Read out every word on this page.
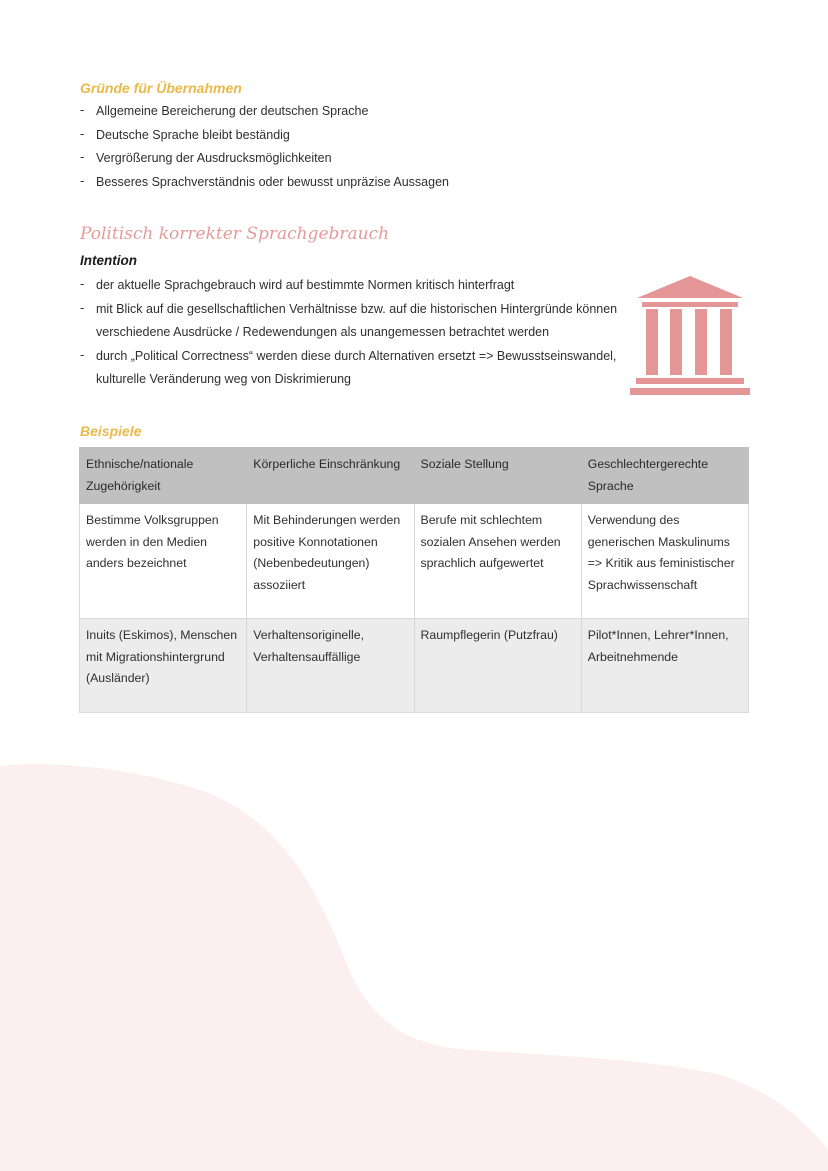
Gründe für Übernahmen
- Allgemeine Bereicherung der deutschen Sprache
- Deutsche Sprache bleibt beständig
- Vergrößerung der Ausdrucksmöglichkeiten
- Besseres Sprachverständnis oder bewusst unpräzise Aussagen
Politisch korrekter Sprachgebrauch
Intention
- der aktuelle Sprachgebrauch wird auf bestimmte Normen kritisch hinterfragt
- mit Blick auf die gesellschaftlichen Verhältnisse bzw. auf die historischen Hintergründe können verschiedene Ausdrücke / Redewendungen als unangemessen betrachtet werden
- durch „Political Correctness“ werden diese durch Alternativen ersetzt => Bewusstseinswandel, kulturelle Veränderung weg von Diskrimierung
Beispiele
Ethnische/nationale Zugehörigkeit	Körperliche Einschränkung	Soziale Stellung	Geschlechtergerechte Sprache
Bestimme Volksgruppen werden in den Medien anders bezeichnet	Mit Behinderungen werden positive Konnotationen (Nebenbedeutungen) assoziiert	Berufe mit schlechtem sozialen Ansehen werden sprachlich aufgewertet	Verwendung des generischen Maskulinums => Kritik aus feministischer Sprachwissenschaft
Inuits (Eskimos), Menschen mit Migrationshintergrund (Ausländer)	Verhaltensoriginelle, Verhaltensauffällige	Raumpflegerin (Putzfrau)	Pilot*Innen, Lehrer*Innen, Arbeitnehmende
